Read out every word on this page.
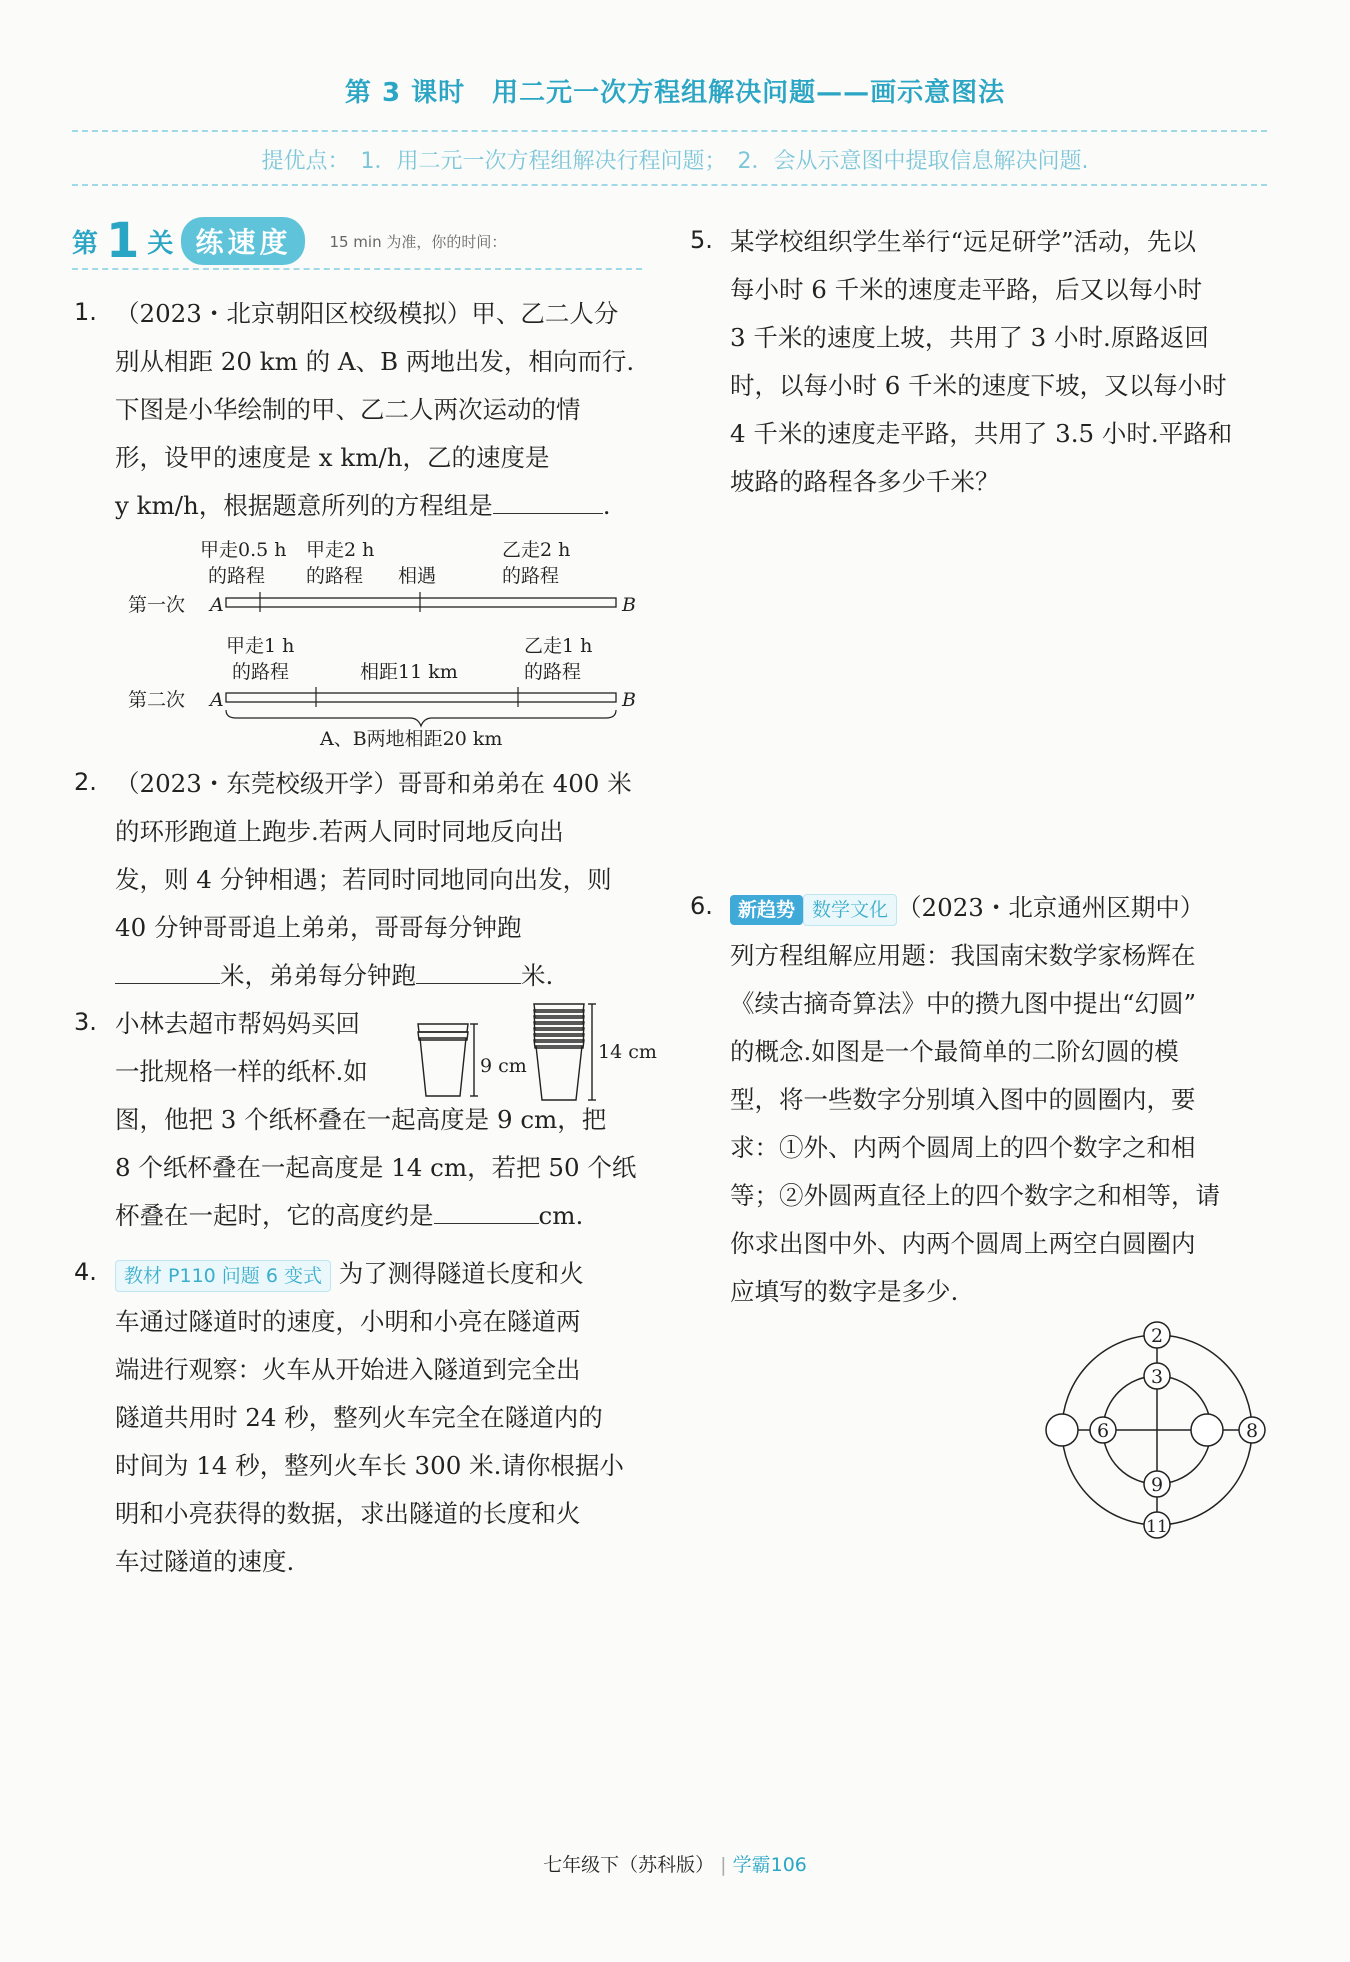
第 3 课时　用二元一次方程组解决问题——画示意图法
提优点：　1．用二元一次方程组解决行程问题；　2．会从示意图中提取信息解决问题.
第 1 关 练速度	15 min 为准，你的时间：
1. （2023・北京朝阳区校级模拟）甲、乙二人分
别从相距 20 km 的 A、B 两地出发，相向而行.
下图是小华绘制的甲、乙二人两次运动的情
形，设甲的速度是 x km/h，乙的速度是
y km/h，根据题意所列的方程组是	.
甲走0.5 h
的路程
甲走2 h
的路程 相遇
乙走2 h
的路程
第一次 A	B
甲走1 h
的路程	相距11 km
乙走1 h
的路程
第二次 A	B
A、B两地相距20 km
2. （2023・东莞校级开学）哥哥和弟弟在 400 米
的环形跑道上跑步.若两人同时同地反向出
发，则 4 分钟相遇；若同时同地同向出发，则
40 分钟哥哥追上弟弟，哥哥每分钟跑
米，弟弟每分钟跑	米.
3. 小林去超市帮妈妈买回
一批规格一样的纸杯.如	9 cm
14 cm
图，他把 3 个纸杯叠在一起高度是 9 cm，把
8 个纸杯叠在一起高度是 14 cm，若把 50 个纸
杯叠在一起时，它的高度约是	cm.
4.	教材 P110 问题 6 变式 为了测得隧道长度和火
车通过隧道时的速度，小明和小亮在隧道两
端进行观察：火车从开始进入隧道到完全出
隧道共用时 24 秒，整列火车完全在隧道内的
时间为 14 秒，整列火车长 300 米.请你根据小
明和小亮获得的数据，求出隧道的长度和火
车过隧道的速度.
5. 某学校组织学生举行“远足研学”活动，先以
每小时 6 千米的速度走平路，后又以每小时
3 千米的速度上坡，共用了 3 小时.原路返回
时，以每小时 6 千米的速度下坡，又以每小时
4 千米的速度走平路，共用了 3.5 小时.平路和
坡路的路程各多少千米？
6.	新趋势 数学文化 （2023・北京通州区期中）
列方程组解应用题：我国南宋数学家杨辉在
《续古摘奇算法》中的攒九图中提出“幻圆”
的概念.如图是一个最简单的二阶幻圆的模
型，将一些数字分别填入图中的圆圈内，要
求：①外、内两个圆周上的四个数字之和相
等；②外圆两直径上的四个数字之和相等，请
你求出图中外、内两个圆周上两空白圆圈内
应填写的数字是多少.
2
3
6	8
9
11
七年级下（苏科版） | 学霸106
